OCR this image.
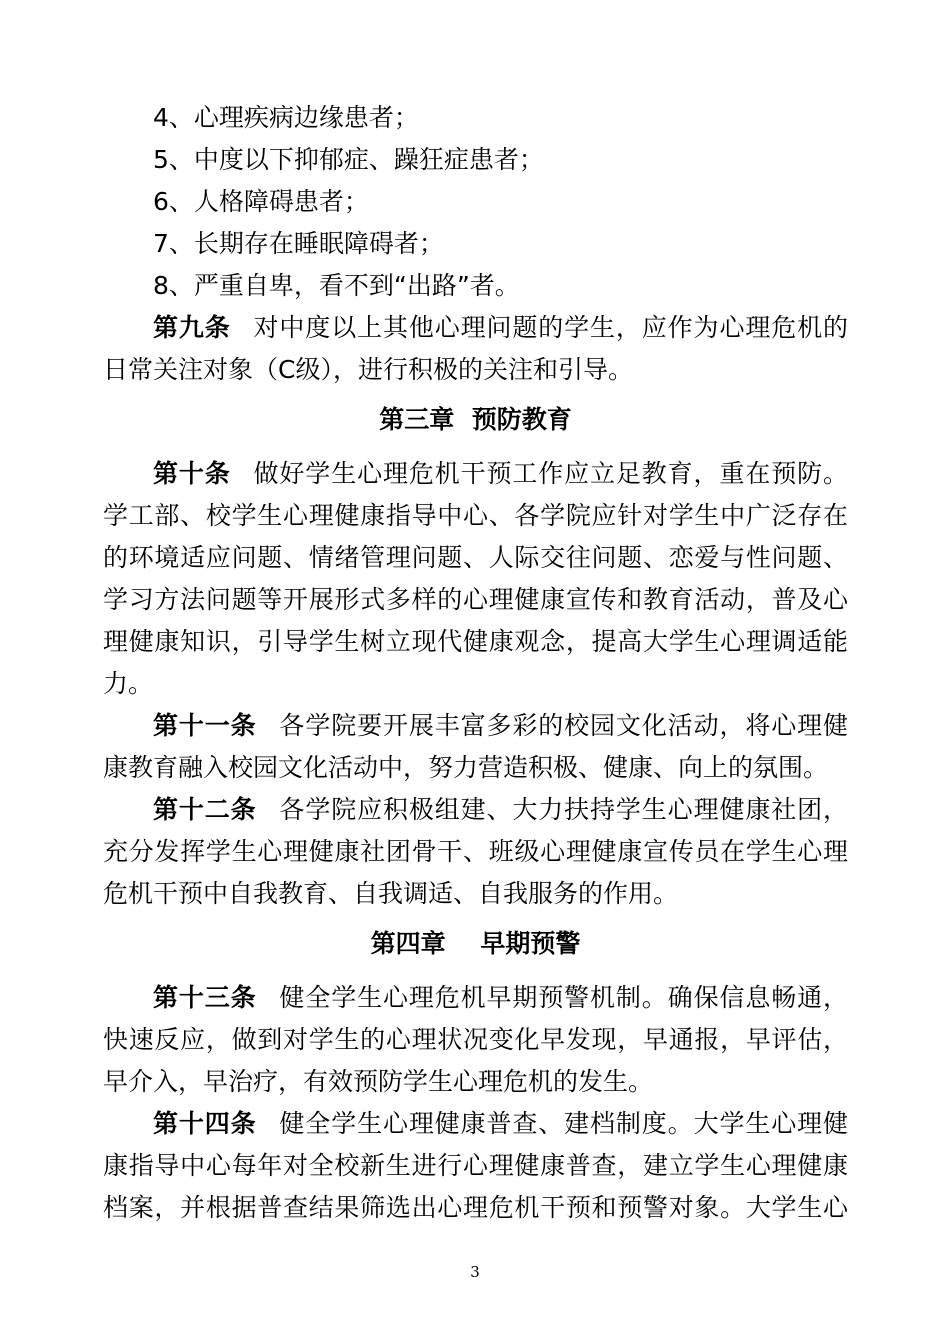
4、心理疾病边缘患者；
5、中度以下抑郁症、躁狂症患者；
6、人格障碍患者；
7、长期存在睡眠障碍者；
8、严重自卑，看不到“出路”者。
第九条 对中度以上其他心理问题的学生，应作为心理危机的
日常关注对象（C级），进行积极的关注和引导。
第三章  预防教育
第十条 做好学生心理危机干预工作应立足教育，重在预防。
学工部、校学生心理健康指导中心、各学院应针对学生中广泛存在
的环境适应问题、情绪管理问题、人际交往问题、恋爱与性问题、
学习方法问题等开展形式多样的心理健康宣传和教育活动，普及心
理健康知识，引导学生树立现代健康观念，提高大学生心理调适能
力。
第十一条 各学院要开展丰富多彩的校园文化活动，将心理健
康教育融入校园文化活动中，努力营造积极、健康、向上的氛围。
第十二条 各学院应积极组建、大力扶持学生心理健康社团，
充分发挥学生心理健康社团骨干、班级心理健康宣传员在学生心理
危机干预中自我教育、自我调适、自我服务的作用。
第四章    早期预警
第十三条 健全学生心理危机早期预警机制。确保信息畅通，
快速反应，做到对学生的心理状况变化早发现，早通报，早评估，
早介入，早治疗，有效预防学生心理危机的发生。
第十四条 健全学生心理健康普查、建档制度。大学生心理健
康指导中心每年对全校新生进行心理健康普查，建立学生心理健康
档案，并根据普查结果筛选出心理危机干预和预警对象。大学生心
3
